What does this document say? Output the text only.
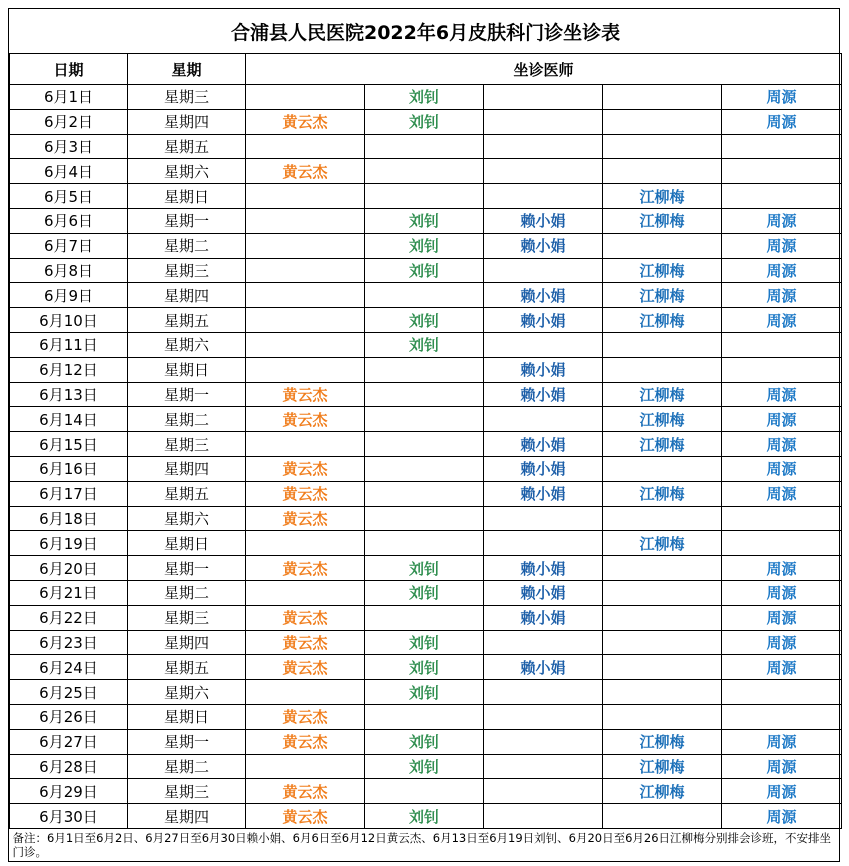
合浦县人民医院2022年6月皮肤科门诊坐诊表						
日期	星期	坐诊医师				
6月1日	星期三		刘钊			周源
6月2日	星期四	黄云杰	刘钊			周源
6月3日	星期五					
6月4日	星期六	黄云杰				
6月5日	星期日				江柳梅	
6月6日	星期一		刘钊	赖小娟	江柳梅	周源
6月7日	星期二		刘钊	赖小娟		周源
6月8日	星期三		刘钊		江柳梅	周源
6月9日	星期四			赖小娟	江柳梅	周源
6月10日	星期五		刘钊	赖小娟	江柳梅	周源
6月11日	星期六		刘钊			
6月12日	星期日			赖小娟		
6月13日	星期一	黄云杰		赖小娟	江柳梅	周源
6月14日	星期二	黄云杰			江柳梅	周源
6月15日	星期三			赖小娟	江柳梅	周源
6月16日	星期四	黄云杰		赖小娟		周源
6月17日	星期五	黄云杰		赖小娟	江柳梅	周源
6月18日	星期六	黄云杰				
6月19日	星期日				江柳梅	
6月20日	星期一	黄云杰	刘钊	赖小娟		周源
6月21日	星期二		刘钊	赖小娟		周源
6月22日	星期三	黄云杰		赖小娟		周源
6月23日	星期四	黄云杰	刘钊			周源
6月24日	星期五	黄云杰	刘钊	赖小娟		周源
6月25日	星期六		刘钊			
6月26日	星期日	黄云杰				
6月27日	星期一	黄云杰	刘钊		江柳梅	周源
6月28日	星期二		刘钊		江柳梅	周源
6月29日	星期三	黄云杰			江柳梅	周源
6月30日	星期四	黄云杰	刘钊			周源
备注：6月1日至6月2日、6月27日至6月30日赖小娟、6月6日至6月12日黄云杰、6月13日至6月19日刘钊、6月20日至6月26日江柳梅分别排会诊班，不安排坐门诊。						
